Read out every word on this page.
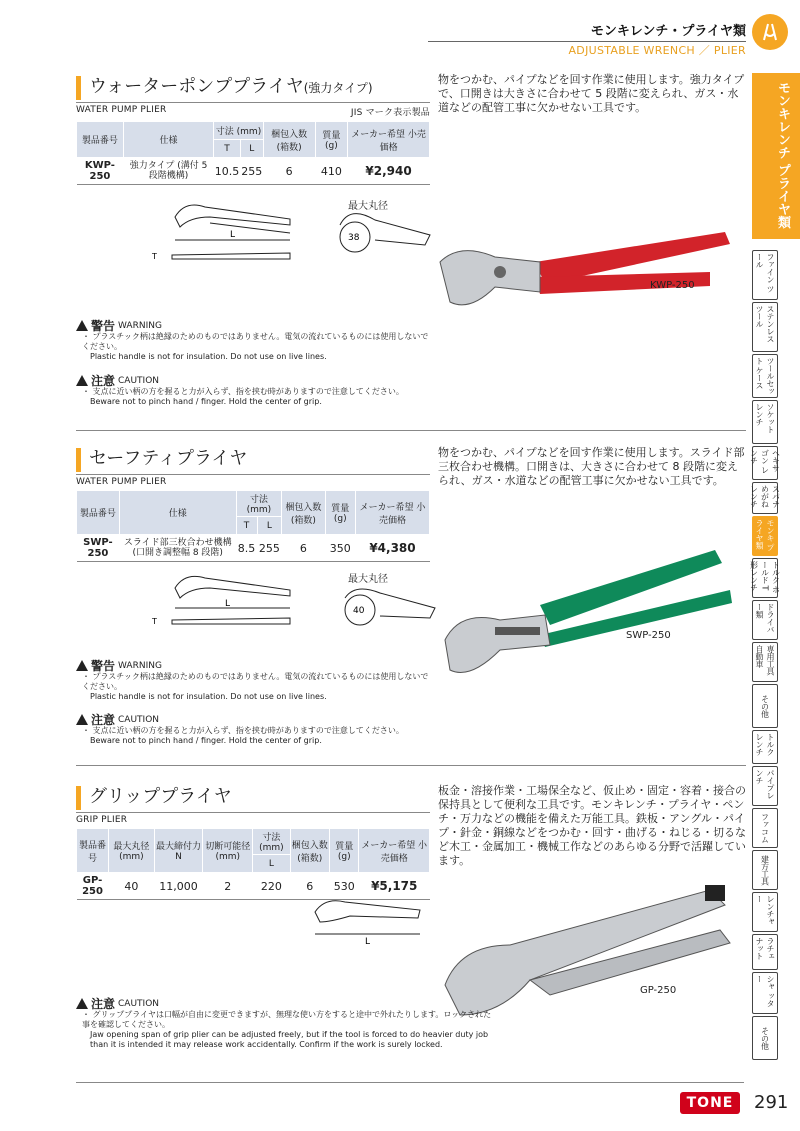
モンキレンチ・プライヤ類
ADJUSTABLE WRENCH ／ PLIER
モンキレンチ プライヤ類
ファイン ツール
ステンレス ツール
ツールセット ケース
ソケット レンチ
ヘキサゴン レンチ
スパナ めがねレンチ
モンキ プライヤ類
トルク ホールド T形レンチ
ドライバー類
専用工具 自動車
その他
トルクレンチ
パイプレンチ
ファコム
建方工具
レンチャー
ラチェ ナット
シャ ッター
その他
ウォーターポンププライヤ(強力タイプ)
WATER PUMP PLIER	JIS マーク表示製品
製品番号	仕様	寸法 (mm)		梱包入数 (箱数)	質量 (g)	メーカー希望 小売価格
		T	L			
KWP-250	強力タイプ (溝付 5 段階機構)	10.5	255	6	410	¥2,940
物をつかむ、パイプなどを回す作業に使用します。強力タイプで、口開きは大きさに合わせて 5 段階に変えられ、ガス・水道などの配管工事に欠かせない工具です。
L
T
38
最大丸径
KWP-250
警告 WARNING

・ プラスチック柄は絶縁のためのものではありません。電気の流れているものには使用しないでください。

Plastic handle is not for insulation. Do not use on live lines.

注意 CAUTION

・ 支点に近い柄の方を握ると力が入らず、指を挟む時がありますので注意してください。

Beware not to pinch hand / finger. Hold the center of grip.

セーフティプライヤ
WATER PUMP PLIER
製品番号	仕様	寸法 (mm)		梱包入数 (箱数)	質量 (g)	メーカー希望 小売価格
		T	L			
SWP-250	スライド部三枚合わせ機構 (口開き調整幅 8 段階)	8.5	255	6	350	¥4,380
物をつかむ、パイプなどを回す作業に使用します。スライド部三枚合わせ機構。口開きは、大きさに合わせて 8 段階に変えられ、ガス・水道などの配管工事に欠かせない工具です。
L
T
40
最大丸径
SWP-250
警告 WARNING

・ プラスチック柄は絶縁のためのものではありません。電気の流れているものには使用しないでください。

Plastic handle is not for insulation. Do not use on live lines.

注意 CAUTION

・ 支点に近い柄の方を握ると力が入らず、指を挟む時がありますので注意してください。

Beware not to pinch hand / finger. Hold the center of grip.

グリッププライヤ
GRIP PLIER
製品番号	最大丸径 (mm)	最大締付力 N	切断可能径 (mm)	寸法 (mm)	梱包入数 (箱数)	質量 (g)	メーカー希望 小売価格
				L			
GP-250	40	11,000	2	220	6	530	¥5,175
板金・溶接作業・工場保全など、仮止め・固定・容着・接合の保持具として便利な工具です。モンキレンチ・プライヤ・ペンチ・万力などの機能を備えた万能工具。鉄板・アングル・パイプ・針金・銅線などをつかむ・回す・曲げる・ねじる・切るなど木工・金属加工・機械工作などのあらゆる分野で活躍しています。
L
GP-250
注意 CAUTION

・ グリッププライヤは口幅が自由に変更できますが、無理な使い方をすると途中で外れたりします。ロックされた事を確認してください。

Jaw opening span of grip plier can be adjusted freely, but if the tool is forced to do heavier duty job than it is intended it may release work accidentally. Confirm if the work is surely locked.

TONE	291
